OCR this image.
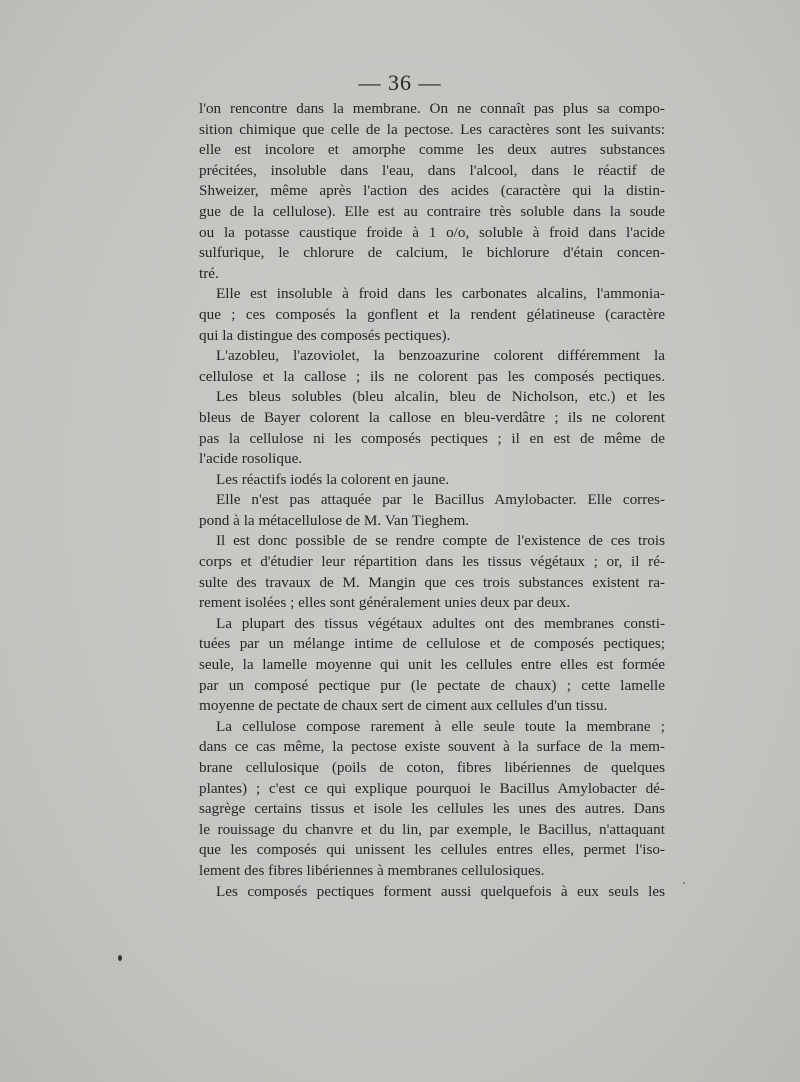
— 36 —

l'on rencontre dans la membrane. On ne connaît pas plus sa compo-

sition chimique que celle de la pectose. Les caractères sont les suivants:

elle est incolore et amorphe comme les deux autres substances

précitées, insoluble dans l'eau, dans l'alcool, dans le réactif de

Shweizer, même après l'action des acides (caractère qui la distin-

gue de la cellulose). Elle est au contraire très soluble dans la soude

ou la potasse caustique froide à 1 o/o, soluble à froid dans l'acide

sulfurique, le chlorure de calcium, le bichlorure d'étain concen-

tré.

Elle est insoluble à froid dans les carbonates alcalins, l'ammonia-

que ; ces composés la gonflent et la rendent gélatineuse (caractère

qui la distingue des composés pectiques).

L'azobleu, l'azoviolet, la benzoazurine colorent différemment la

cellulose et la callose ; ils ne colorent pas les composés pectiques.

Les bleus solubles (bleu alcalin, bleu de Nicholson, etc.) et les

bleus de Bayer colorent la callose en bleu-verdâtre ; ils ne colorent

pas la cellulose ni les composés pectiques ; il en est de même de

l'acide rosolique.

Les réactifs iodés la colorent en jaune.

Elle n'est pas attaquée par le Bacillus Amylobacter. Elle corres-

pond à la métacellulose de M. Van Tieghem.

Il est donc possible de se rendre compte de l'existence de ces trois

corps et d'étudier leur répartition dans les tissus végétaux ; or, il ré-

sulte des travaux de M. Mangin que ces trois substances existent ra-

rement isolées ; elles sont généralement unies deux par deux.

La plupart des tissus végétaux adultes ont des membranes consti-

tuées par un mélange intime de cellulose et de composés pectiques;

seule, la lamelle moyenne qui unit les cellules entre elles est formée

par un composé pectique pur (le pectate de chaux) ; cette lamelle

moyenne de pectate de chaux sert de ciment aux cellules d'un tissu.

La cellulose compose rarement à elle seule toute la membrane ;

dans ce cas même, la pectose existe souvent à la surface de la mem-

brane cellulosique (poils de coton, fibres libériennes de quelques

plantes) ; c'est ce qui explique pourquoi le Bacillus Amylobacter dé-

sagrège certains tissus et isole les cellules les unes des autres. Dans

le rouissage du chanvre et du lin, par exemple, le Bacillus, n'attaquant

que les composés qui unissent les cellules entres elles, permet l'iso-

lement des fibres libériennes à membranes cellulosiques.

Les composés pectiques forment aussi quelquefois à eux seuls les
